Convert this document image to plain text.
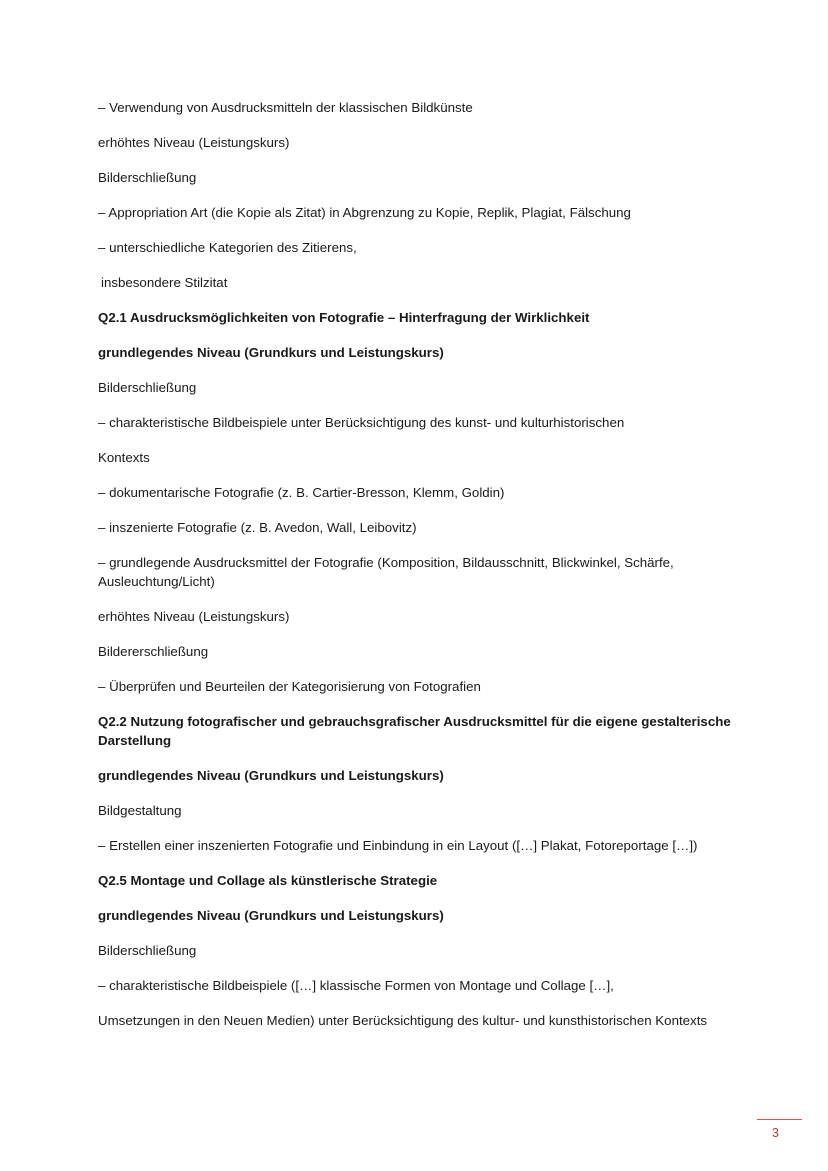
– Verwendung von Ausdrucksmitteln der klassischen Bildkünste

erhöhtes Niveau (Leistungskurs)

Bilderschließung

– Appropriation Art (die Kopie als Zitat) in Abgrenzung zu Kopie, Replik, Plagiat, Fälschung

– unterschiedliche Kategorien des Zitierens,

insbesondere Stilzitat

Q2.1 Ausdrucksmöglichkeiten von Fotografie – Hinterfragung der Wirklichkeit

grundlegendes Niveau (Grundkurs und Leistungskurs)

Bilderschließung

– charakteristische Bildbeispiele unter Berücksichtigung des kunst- und kulturhistorischen

Kontexts

– dokumentarische Fotografie (z. B. Cartier-Bresson, Klemm, Goldin)

– inszenierte Fotografie (z. B. Avedon, Wall, Leibovitz)

– grundlegende Ausdrucksmittel der Fotografie (Komposition, Bildausschnitt, Blickwinkel, Schärfe, Ausleuchtung/Licht)

erhöhtes Niveau (Leistungskurs)

Bildererschließung

– Überprüfen und Beurteilen der Kategorisierung von Fotografien

Q2.2 Nutzung fotografischer und gebrauchsgrafischer Ausdrucksmittel für die eigene gestalterische Darstellung

grundlegendes Niveau (Grundkurs und Leistungskurs)

Bildgestaltung

– Erstellen einer inszenierten Fotografie und Einbindung in ein Layout ([…] Plakat, Fotoreportage […])

Q2.5 Montage und Collage als künstlerische Strategie

grundlegendes Niveau (Grundkurs und Leistungskurs)

Bilderschließung

– charakteristische Bildbeispiele ([…] klassische Formen von Montage und Collage […],

Umsetzungen in den Neuen Medien) unter Berücksichtigung des kultur- und kunsthistorischen Kontexts

3
